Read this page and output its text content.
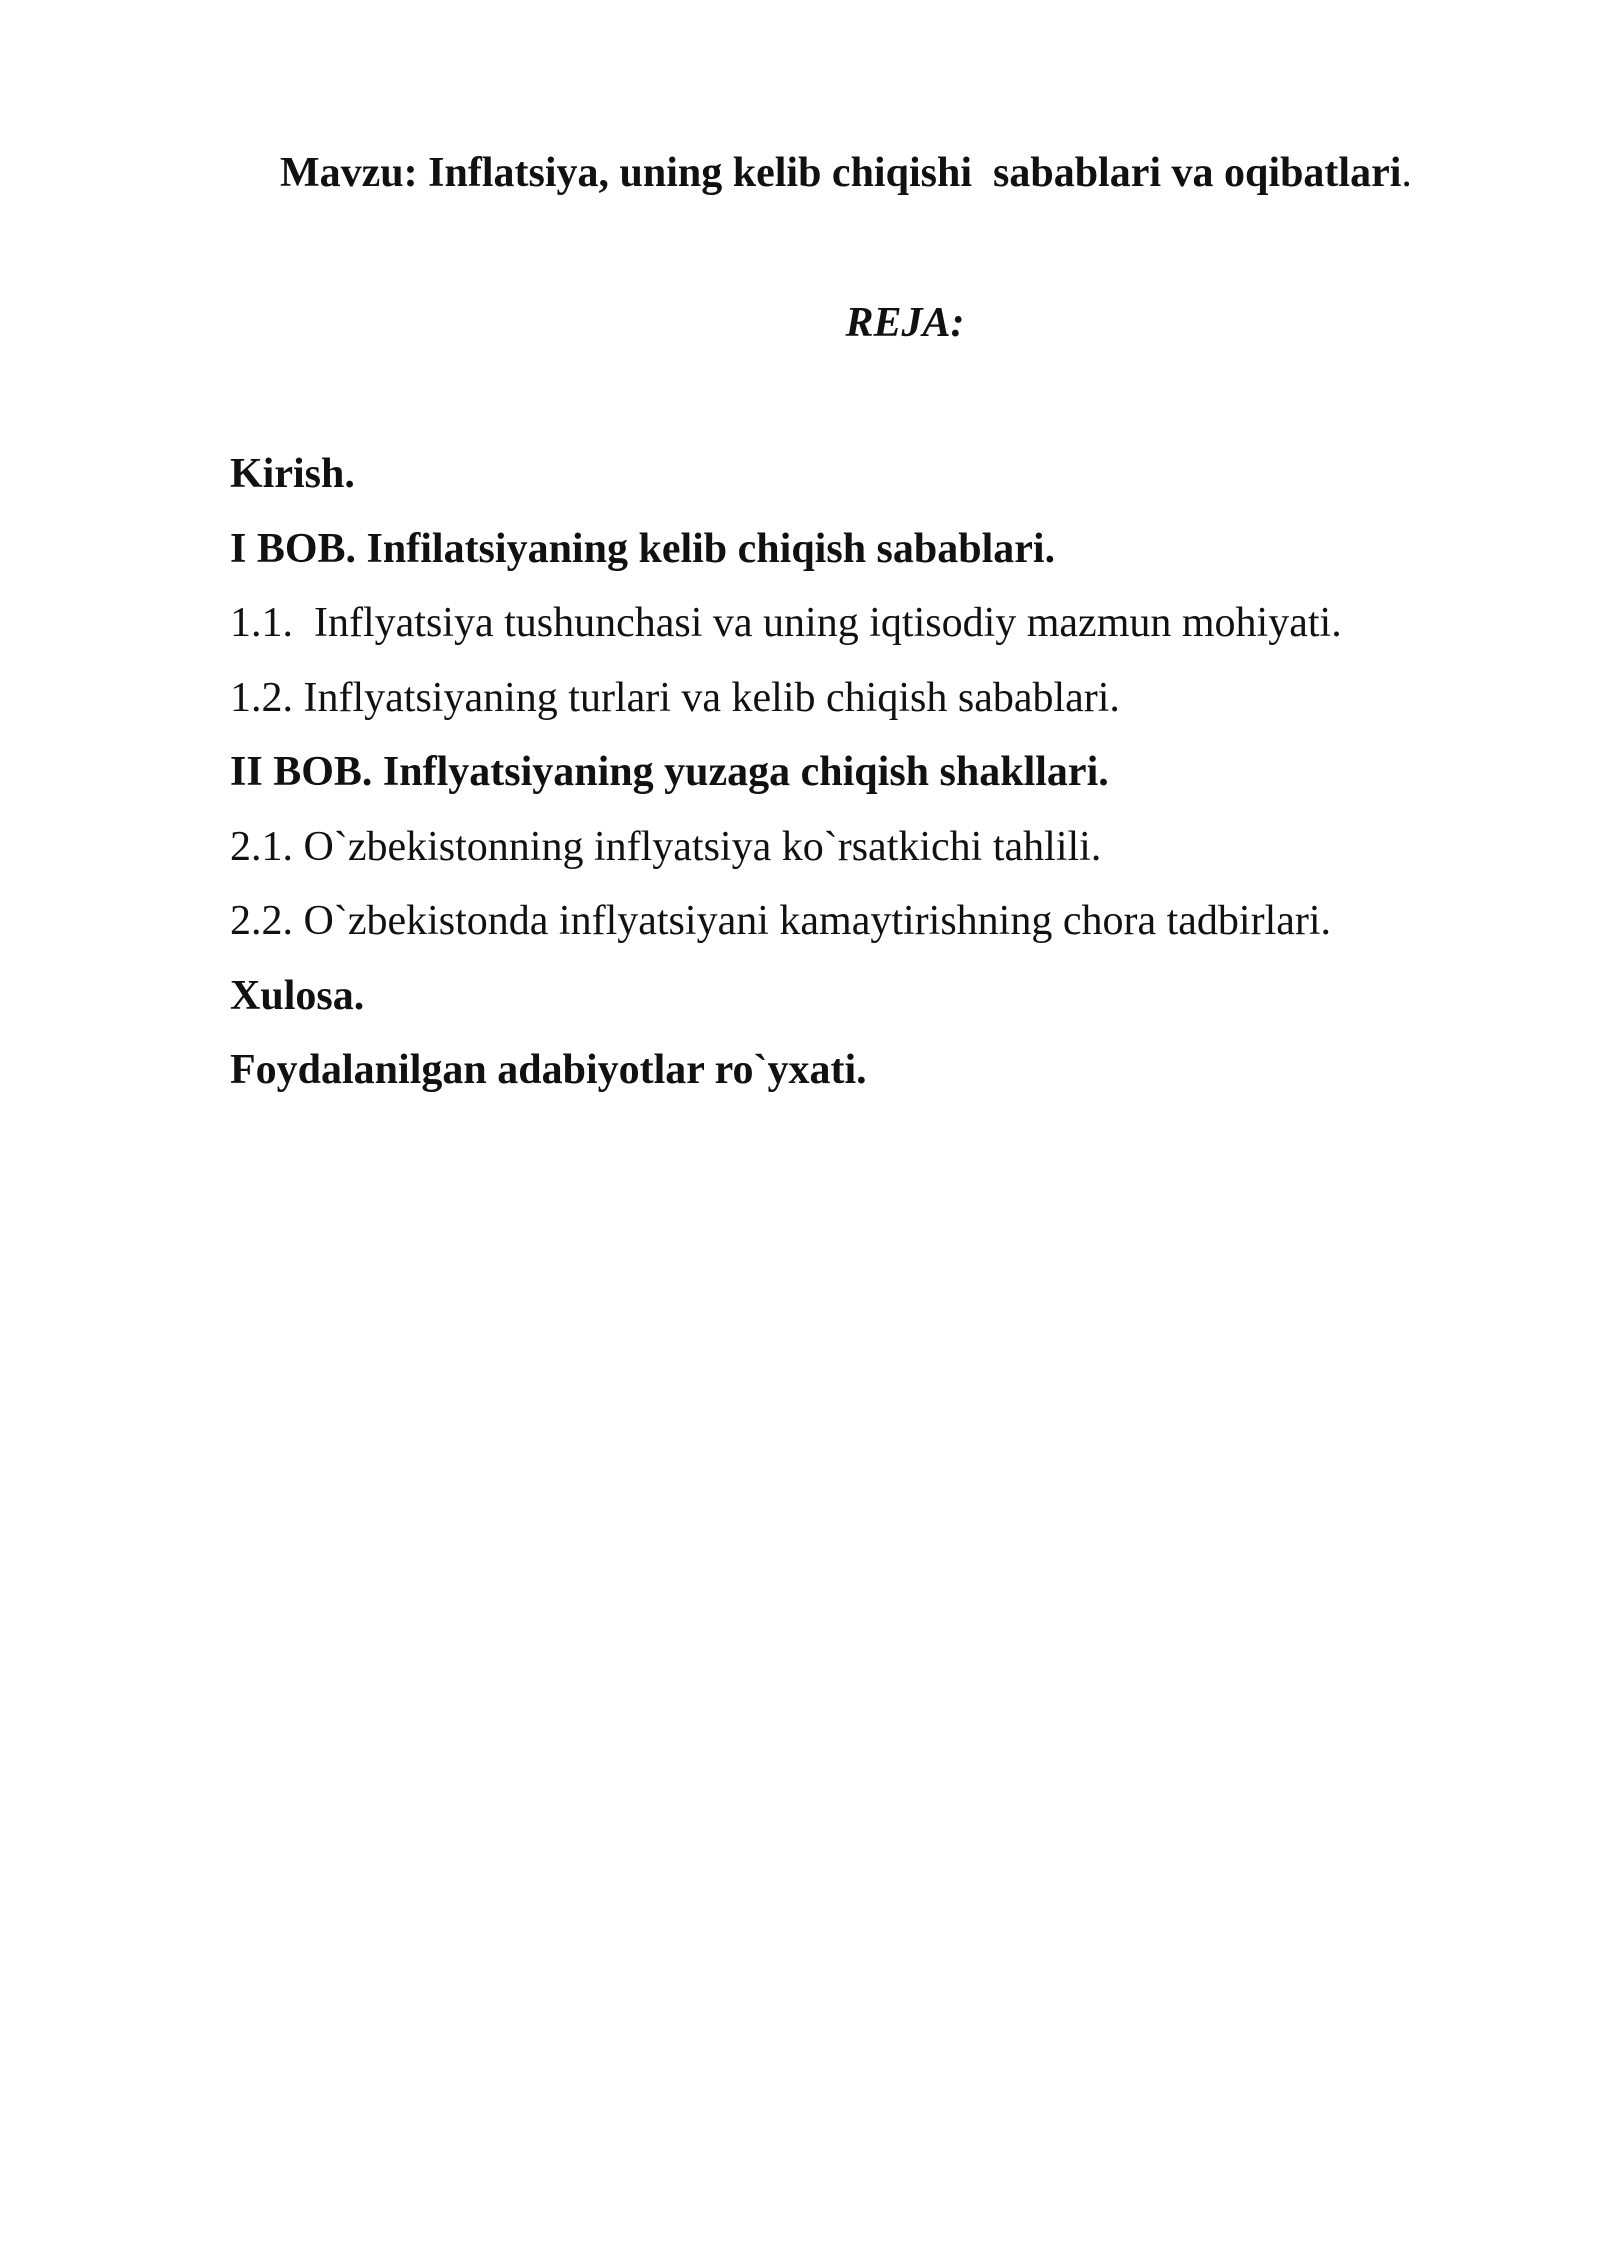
Mavzu: Inflatsiya, uning kelib chiqishi  sabablari va oqibatlari.
REJA:
Kirish.
I BOB. Infilatsiyaning kelib chiqish sabablari.
1.1.  Inflyatsiya tushunchasi va uning iqtisodiy mazmun mohiyati.
1.2. Inflyatsiyaning turlari va kelib chiqish sabablari.
II BOB. Inflyatsiyaning yuzaga chiqish shakllari.
2.1. O`zbekistonning inflyatsiya ko`rsatkichi tahlili.
2.2. O`zbekistonda inflyatsiyani kamaytirishning chora tadbirlari.
Xulosa.
Foydalanilgan adabiyotlar ro`yxati.
